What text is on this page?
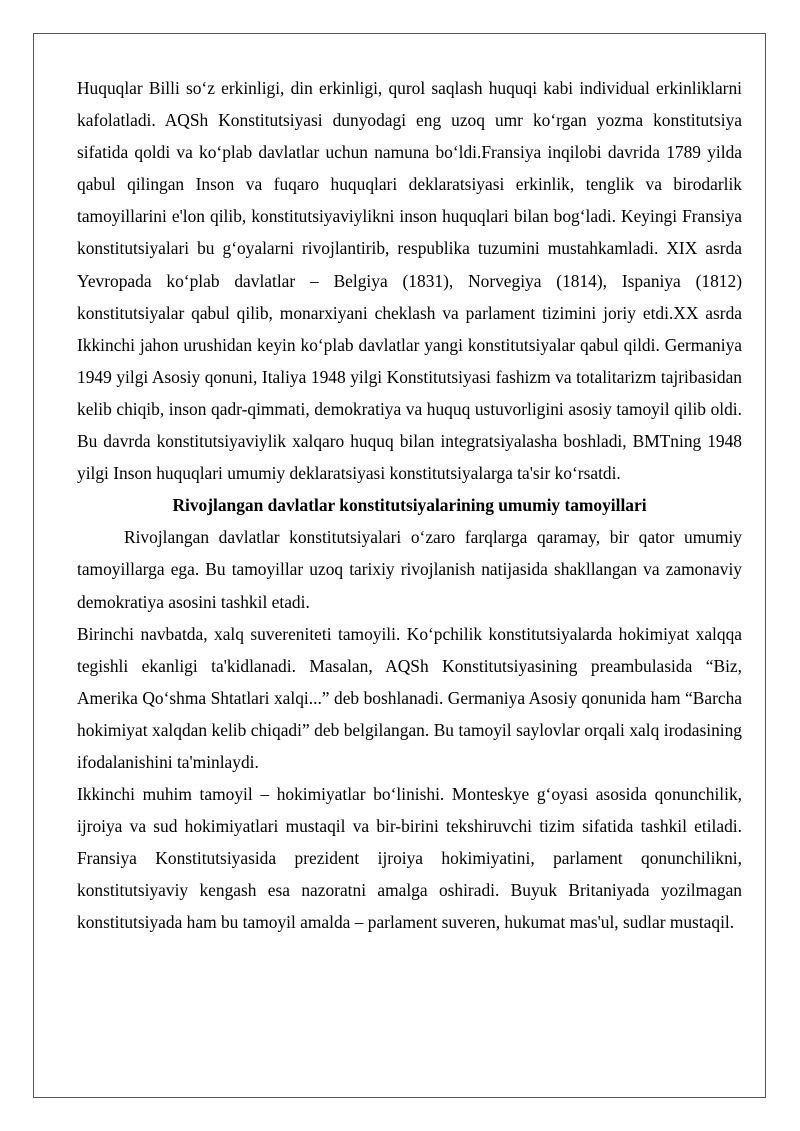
Huquqlar Billi so‘z erkinligi, din erkinligi, qurol saqlash huquqi kabi individual erkinliklarni kafolatladi. AQSh Konstitutsiyasi dunyodagi eng uzoq umr ko‘rgan yozma konstitutsiya sifatida qoldi va ko‘plab davlatlar uchun namuna bo‘ldi.Fransiya inqilobi davrida 1789 yilda qabul qilingan Inson va fuqaro huquqlari deklaratsiyasi erkinlik, tenglik va birodarlik tamoyillarini e'lon qilib, konstitutsiyaviylikni inson huquqlari bilan bog‘ladi. Keyingi Fransiya konstitutsiyalari bu g‘oyalarni rivojlantirib, respublika tuzumini mustahkamladi. XIX asrda Yevropada ko‘plab davlatlar – Belgiya (1831), Norvegiya (1814), Ispaniya (1812) konstitutsiyalar qabul qilib, monarxiyani cheklash va parlament tizimini joriy etdi.XX asrda Ikkinchi jahon urushidan keyin ko‘plab davlatlar yangi konstitutsiyalar qabul qildi. Germaniya 1949 yilgi Asosiy qonuni, Italiya 1948 yilgi Konstitutsiyasi fashizm va totalitarizm tajribasidan kelib chiqib, inson qadr-qimmati, demokratiya va huquq ustuvorligini asosiy tamoyil qilib oldi. Bu davrda konstitutsiyaviylik xalqaro huquq bilan integratsiyalasha boshladi, BMTning 1948 yilgi Inson huquqlari umumiy deklaratsiyasi konstitutsiyalarga ta'sir ko‘rsatdi.

Rivojlangan davlatlar konstitutsiyalarining umumiy tamoyillari

Rivojlangan davlatlar konstitutsiyalari o‘zaro farqlarga qaramay, bir qator umumiy tamoyillarga ega. Bu tamoyillar uzoq tarixiy rivojlanish natijasida shakllangan va zamonaviy demokratiya asosini tashkil etadi.

Birinchi navbatda, xalq suvereniteti tamoyili. Ko‘pchilik konstitutsiyalarda hokimiyat xalqqa tegishli ekanligi ta'kidlanadi. Masalan, AQSh Konstitutsiyasining preambulasida “Biz, Amerika Qo‘shma Shtatlari xalqi...” deb boshlanadi. Germaniya Asosiy qonunida ham “Barcha hokimiyat xalqdan kelib chiqadi” deb belgilangan. Bu tamoyil saylovlar orqali xalq irodasining ifodalanishini ta'minlaydi.

Ikkinchi muhim tamoyil – hokimiyatlar bo‘linishi. Monteskye g‘oyasi asosida qonunchilik, ijroiya va sud hokimiyatlari mustaqil va bir-birini tekshiruvchi tizim sifatida tashkil etiladi. Fransiya Konstitutsiyasida prezident ijroiya hokimiyatini, parlament qonunchilikni, konstitutsiyaviy kengash esa nazoratni amalga oshiradi. Buyuk Britaniyada yozilmagan konstitutsiyada ham bu tamoyil amalda – parlament suveren, hukumat mas'ul, sudlar mustaqil.
